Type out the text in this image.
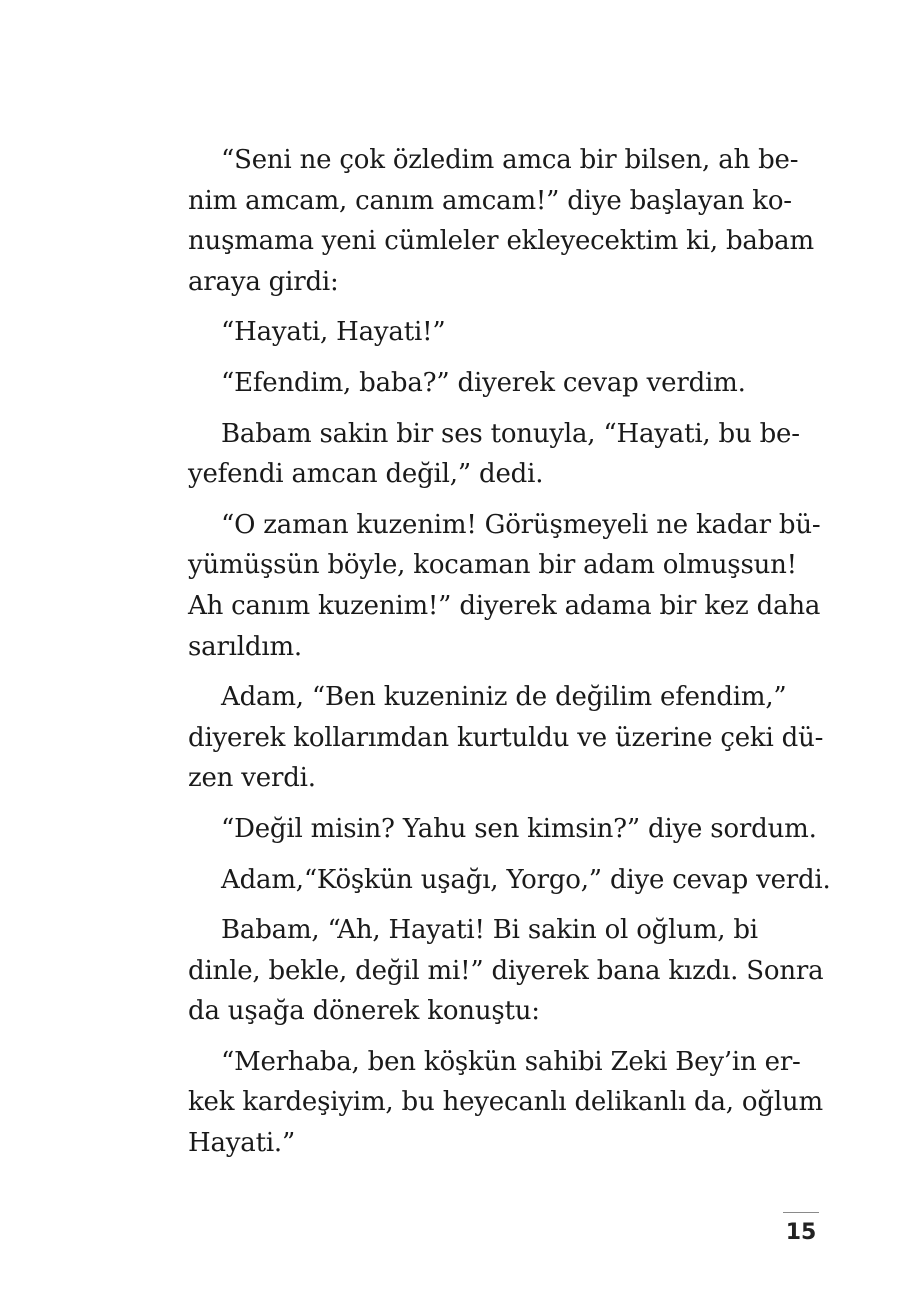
“Seni ne çok özledim amca bir bilsen, ah be-
nim amcam, canım amcam!” diye başlayan ko-
nuşmama yeni cümleler ekleyecektim ki, babam
araya girdi:
“Hayati, Hayati!”
“Efendim, baba?” diyerek cevap verdim.
Babam sakin bir ses tonuyla, “Hayati, bu be-
yefendi amcan değil,” dedi.
“O zaman kuzenim! Görüşmeyeli ne kadar bü-
yümüşsün böyle, kocaman bir adam olmuşsun!
Ah canım kuzenim!” diyerek adama bir kez daha
sarıldım.
Adam, “Ben kuzeniniz de değilim efendim,”
diyerek kollarımdan kurtuldu ve üzerine çeki dü-
zen verdi.
“Değil misin? Yahu sen kimsin?” diye sordum.
Adam,“Köşkün uşağı, Yorgo,” diye cevap verdi.
Babam, “Ah, Hayati! Bi sakin ol oğlum, bi
dinle, bekle, değil mi!” diyerek bana kızdı. Sonra
da uşağa dönerek konuştu:
“Merhaba, ben köşkün sahibi Zeki Bey’in er-
kek kardeşiyim, bu heyecanlı delikanlı da, oğlum
Hayati.”
15
